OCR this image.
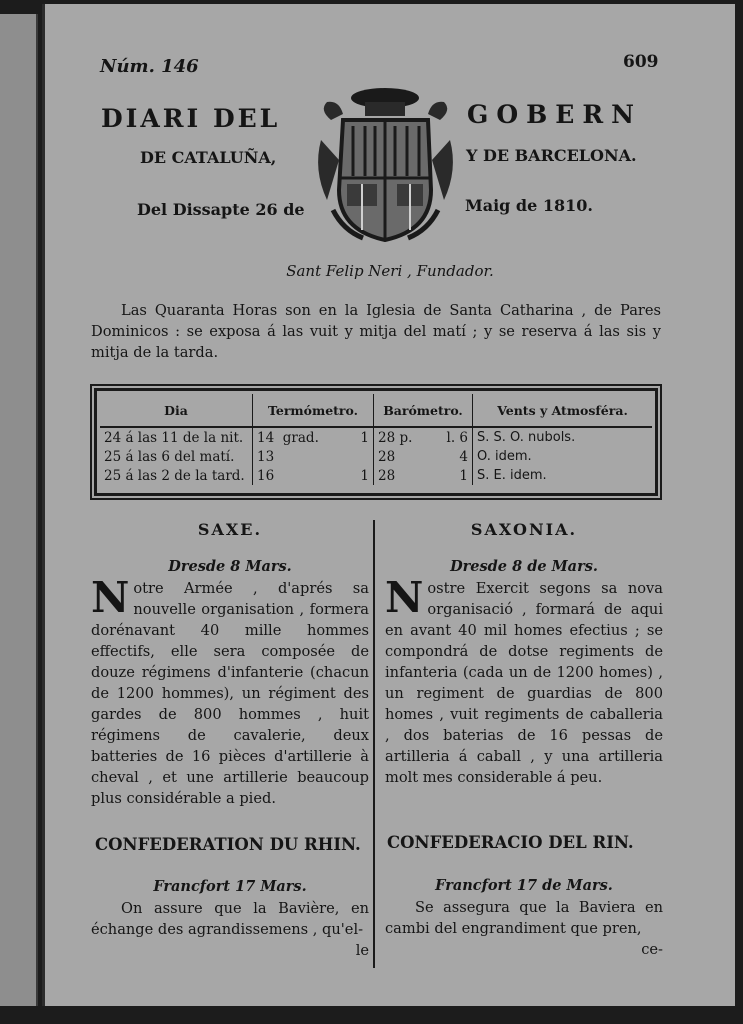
Núm. 146	609
DIARI DEL	GOBERN
DE CATALUÑA,	Y DE BARCELONA.
Del Dissapte 26 de	Maig de 1810.
Sant Felip Neri , Fundador.
Las Quaranta Horas son en la Iglesia de Santa Catharina , de Pares Dominicos : se exposa á las vuit y mitja del matí ; y se reserva á las sis y mitja de la tarda.
Dia	Termómetro.	Barómetro.	Vents y Atmosféra.
24 á las 11 de la nit.	14 grad. 1	28 p. l. 6	S. S. O. nubols.
25 á las 6 del matí.	13	28 4	O. idem.
25 á las 2 de la tard.	16 1	28 1	S. E. idem.
SAXE.
Dresde 8 Mars.
Notre Armée , d'aprés sa nouvelle organisation , formera dorénavant 40 mille hommes effectifs, elle sera composée de douze régimens d'infanterie (chacun de 1200 hommes), un régiment des gardes de 800 hommes , huit régimens de cavalerie, deux batteries de 16 pièces d'artillerie à cheval , et une artillerie beaucoup plus considérable a pied.
SAXONIA.
Dresde 8 de Mars.
Nostre Exercit segons sa nova organisació , formará de aqui en avant 40 mil homes efectius ; se compondrá de dotse regiments de infanteria (cada un de 1200 homes) , un regiment de guardias de 800 homes , vuit regiments de caballeria , dos baterias de 16 pessas de artilleria á caball , y una artilleria molt mes considerable á peu.
CONFEDERATION DU RHIN. CONFEDERACIO DEL RIN.
Francfort 17 Mars.
On assure que la Bavière, en échange des agrandissemens , qu'el-
le
Francfort 17 de Mars.
Se assegura que la Baviera en cambi del engrandiment que pren,
ce-
